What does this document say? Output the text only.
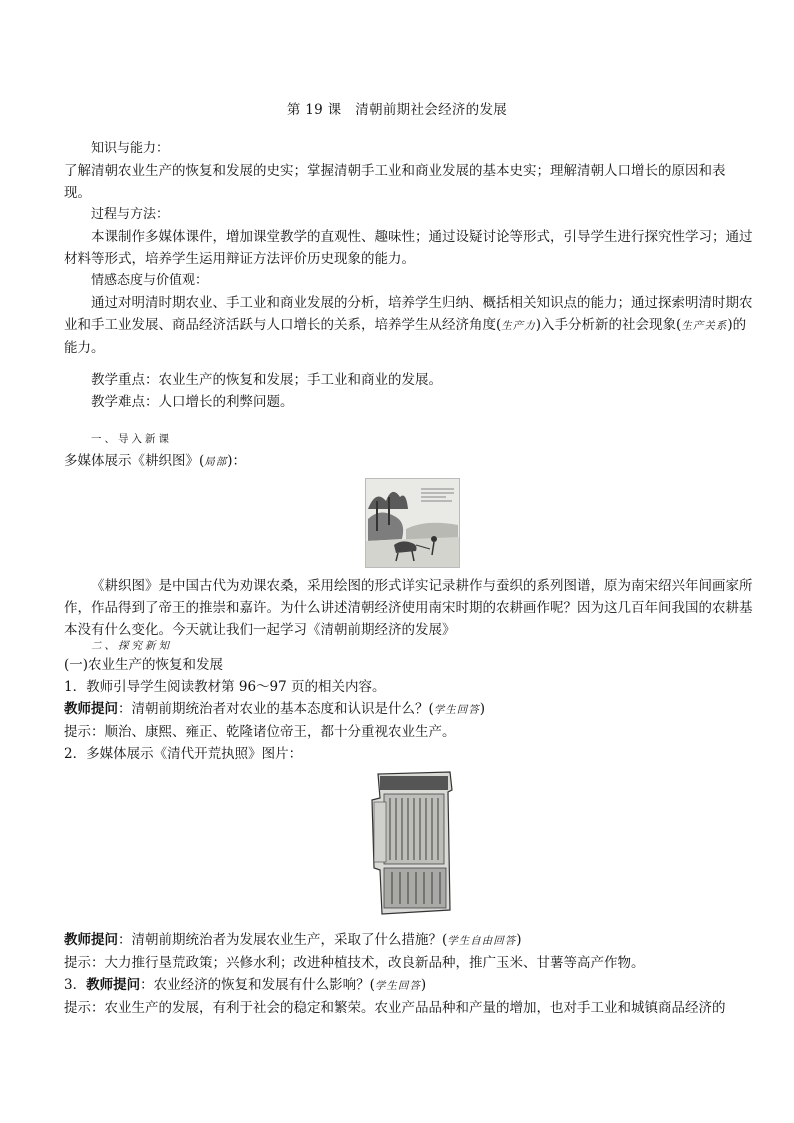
第 19 课　清朝前期社会经济的发展
知识与能力：
了解清朝农业生产的恢复和发展的史实；掌握清朝手工业和商业发展的基本史实；理解清朝人口增长的原因和表
现。
过程与方法：
本课制作多媒体课件，增加课堂教学的直观性、趣味性；通过设疑讨论等形式，引导学生进行探究性学习；通过
材料等形式，培养学生运用辩证方法评价历史现象的能力。
情感态度与价值观：
通过对明清时期农业、手工业和商业发展的分析，培养学生归纳、概括相关知识点的能力；通过探索明清时期农
业和手工业发展、商品经济活跃与人口增长的关系，培养学生从经济角度(生产力)入手分析新的社会现象(生产关系)的
能力。
教学重点：农业生产的恢复和发展；手工业和商业的发展。
教学难点：人口增长的利弊问题。
一、导入新课
多媒体展示《耕织图》(局部)：
《耕织图》是中国古代为劝课农桑，采用绘图的形式详实记录耕作与蚕织的系列图谱，原为南宋绍兴年间画家所
作，作品得到了帝王的推崇和嘉许。为什么讲述清朝经济使用南宋时期的农耕画作呢？因为这几百年间我国的农耕基
本没有什么变化。今天就让我们一起学习《清朝前期经济的发展》
二、探究新知
(一)农业生产的恢复和发展
1．教师引导学生阅读教材第 96～97 页的相关内容。
教师提问：清朝前期统治者对农业的基本态度和认识是什么？(学生回答)
提示：顺治、康熙、雍正、乾隆诸位帝王，都十分重视农业生产。
2．多媒体展示《清代开荒执照》图片：
教师提问：清朝前期统治者为发展农业生产，采取了什么措施？(学生自由回答)
提示：大力推行垦荒政策；兴修水利；改进种植技术，改良新品种，推广玉米、甘薯等高产作物。
3．教师提问：农业经济的恢复和发展有什么影响？(学生回答)
提示：农业生产的发展，有利于社会的稳定和繁荣。农业产品品种和产量的增加，也对手工业和城镇商品经济的
